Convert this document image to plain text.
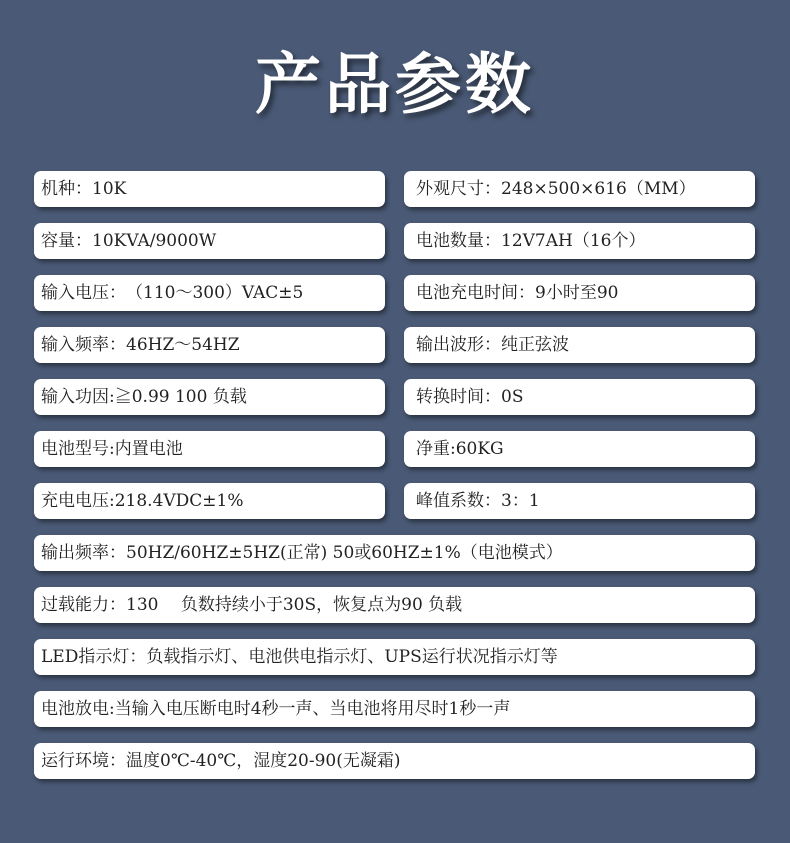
产品参数
机种：10K	外观尺寸：248×500×616（MM）
容量：10KVA/9000W	电池数量：12V7AH（16个）
输入电压：　（110～300）VAC±5	电池充电时间：9小时至90
输入频率：46HZ～54HZ	输出波形：纯正弦波
输入功因:≧0.99 100 负载	转换时间：0S
电池型号:内置电池	净重:60KG
充电电压:218.4VDC±1%	峰值系数：3：1
输出频率：50HZ/60HZ±5HZ(正常) 50或60HZ±1%（电池模式）
过载能力：130　 负数持续小于30S，恢复点为90 负载
LED指示灯：负载指示灯、电池供电指示灯、UPS运行状况指示灯等
电池放电:当输入电压断电时4秒一声、当电池将用尽时1秒一声
运行环境：温度0℃-40℃，湿度20-90(无凝霜)
